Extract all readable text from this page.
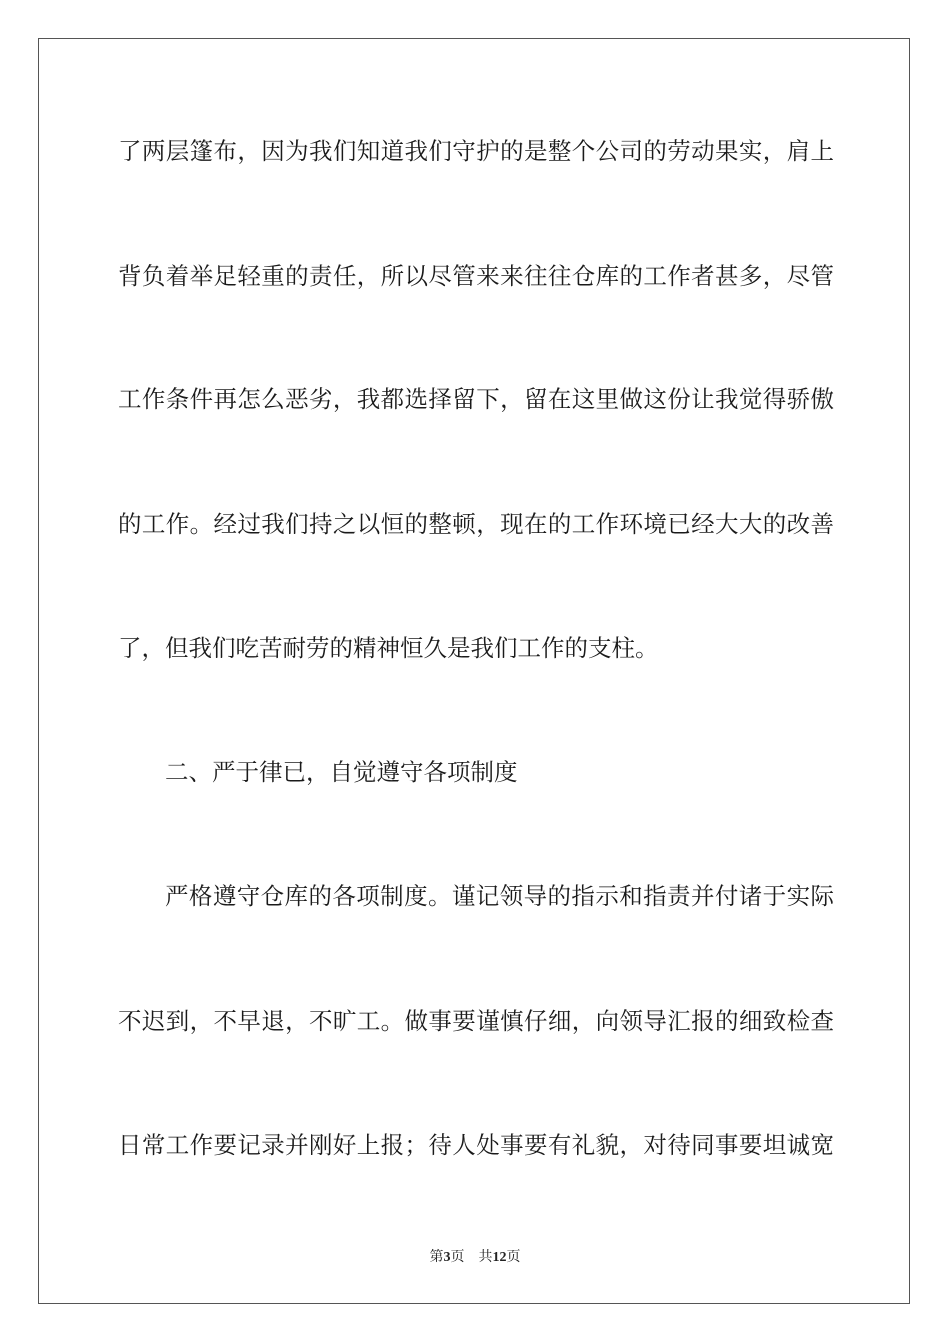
了两层篷布，因为我们知道我们守护的是整个公司的劳动果实，肩上
背负着举足轻重的责任，所以尽管来来往往仓库的工作者甚多，尽管
工作条件再怎么恶劣，我都选择留下，留在这里做这份让我觉得骄傲
的工作。经过我们持之以恒的整顿，现在的工作环境已经大大的改善
了，但我们吃苦耐劳的精神恒久是我们工作的支柱。
二、严于律已，自觉遵守各项制度
严格遵守仓库的各项制度。谨记领导的指示和指责并付诸于实际
不迟到，不早退，不旷工。做事要谨慎仔细，向领导汇报的细致检查
日常工作要记录并刚好上报；待人处事要有礼貌，对待同事要坦诚宽
第3页 共12页
